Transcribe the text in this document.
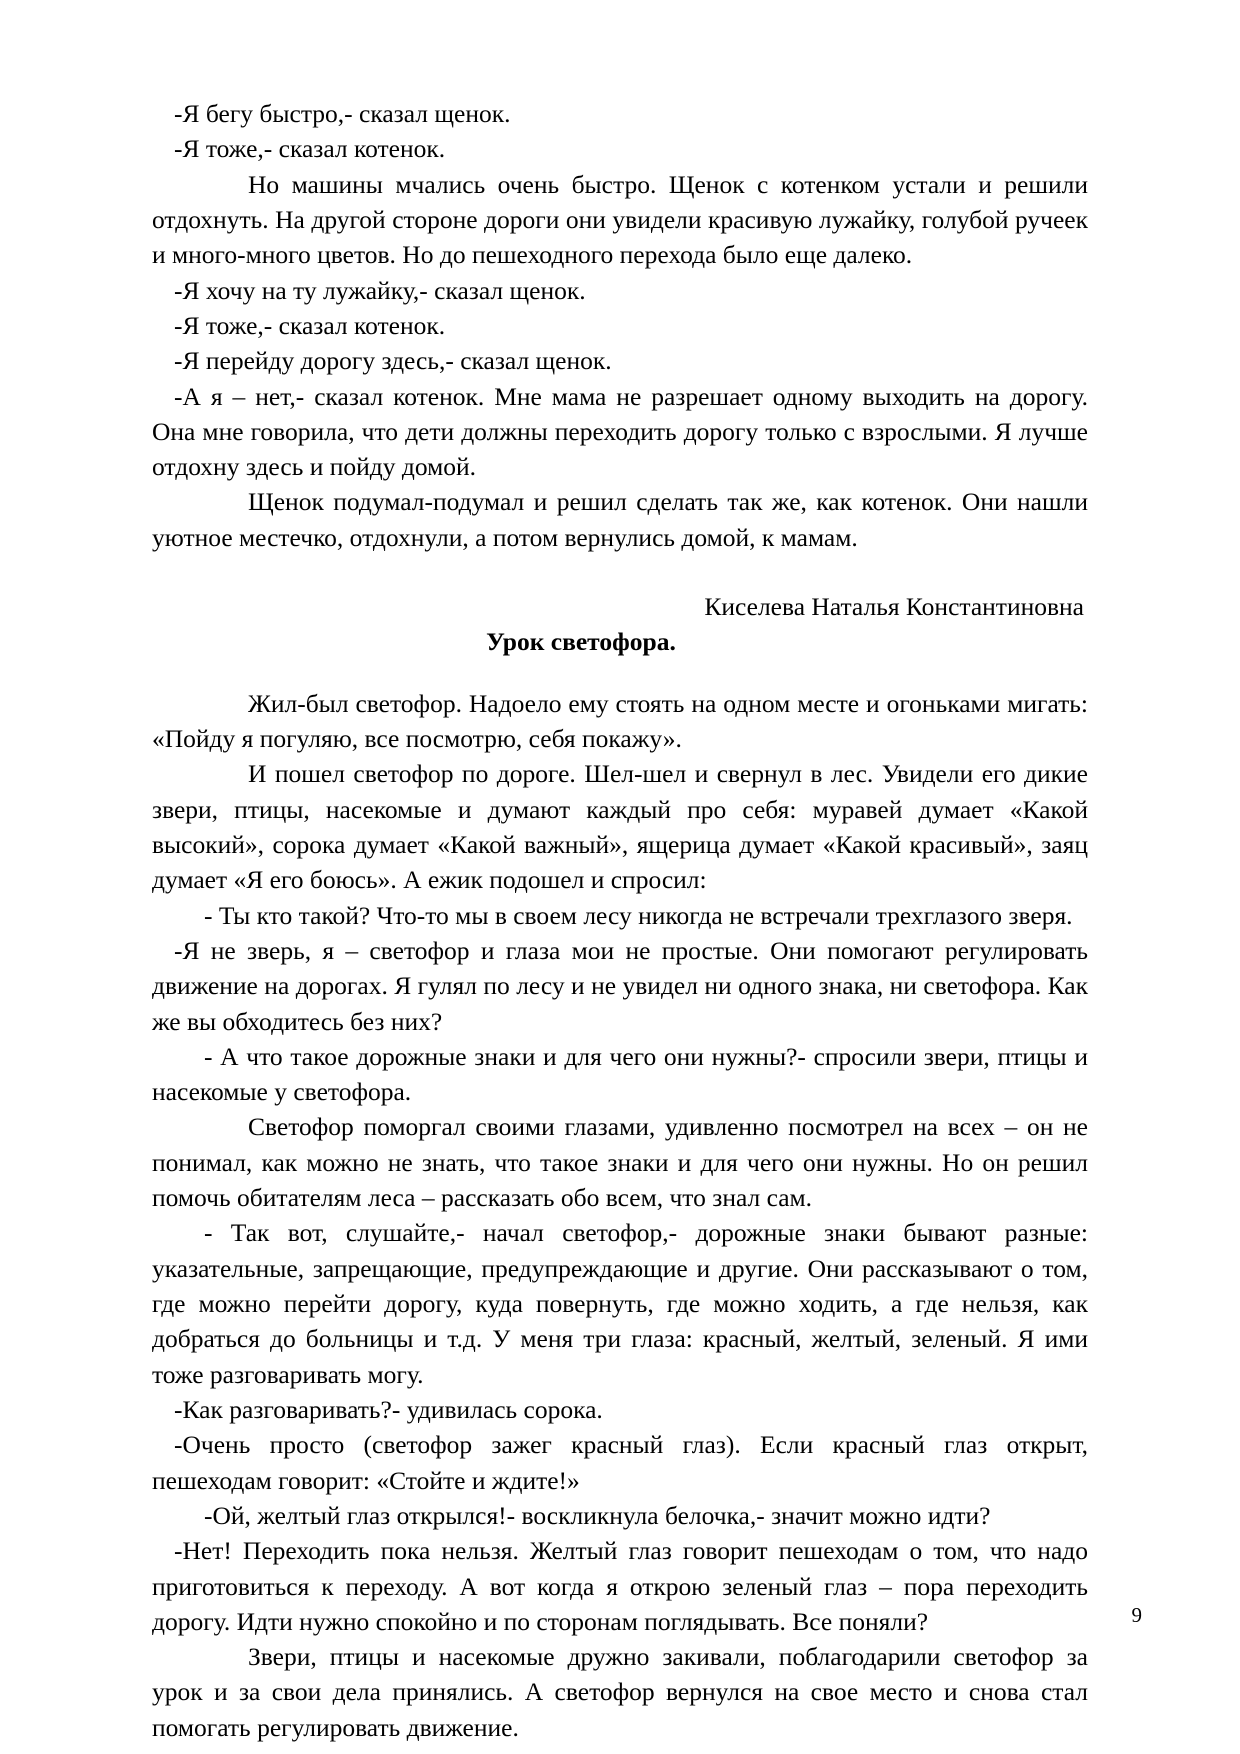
-Я бегу быстро,- сказал щенок.

-Я тоже,- сказал котенок.

Но машины мчались очень быстро. Щенок с котенком устали и решили отдохнуть. На другой стороне дороги они увидели красивую лужайку, голубой ручеек и много-много цветов. Но до пешеходного перехода было еще далеко.

-Я хочу на ту лужайку,- сказал щенок.

-Я тоже,- сказал котенок.

-Я перейду дорогу здесь,- сказал щенок.

-А я – нет,- сказал котенок. Мне мама не разрешает одному выходить на дорогу. Она мне говорила, что дети должны переходить дорогу только с взрослыми. Я лучше отдохну здесь и пойду домой.

Щенок подумал-подумал и решил сделать так же, как котенок. Они нашли уютное местечко, отдохнули, а потом вернулись домой, к мамам.

Киселева Наталья Константиновна

Урок светофора.

Жил-был светофор. Надоело ему стоять на одном месте и огоньками мигать: «Пойду я погуляю, все посмотрю, себя покажу».

И пошел светофор по дороге. Шел-шел и свернул в лес. Увидели его дикие звери, птицы, насекомые и думают каждый про себя: муравей думает «Какой высокий», сорока думает «Какой важный», ящерица думает «Какой красивый», заяц думает «Я его боюсь». А ежик подошел и спросил:

- Ты кто такой? Что-то мы в своем лесу никогда не встречали трехглазого зверя.

-Я не зверь, я – светофор и глаза мои не простые. Они помогают регулировать движение на дорогах. Я гулял по лесу и не увидел ни одного знака, ни светофора. Как же вы обходитесь без них?

- А что такое дорожные знаки и для чего они нужны?- спросили звери, птицы и насекомые у светофора.

Светофор поморгал своими глазами, удивленно посмотрел на всех – он не понимал, как можно не знать, что такое знаки и для чего они нужны. Но он решил помочь обитателям леса – рассказать обо всем, что знал сам.

- Так вот, слушайте,- начал светофор,- дорожные знаки бывают разные: указательные, запрещающие, предупреждающие и другие. Они рассказывают о том, где можно перейти дорогу, куда повернуть, где можно ходить, а где нельзя, как добраться до больницы и т.д. У меня три глаза: красный, желтый, зеленый. Я ими тоже разговаривать могу.

-Как разговаривать?- удивилась сорока.

-Очень просто (светофор зажег красный глаз). Если красный глаз открыт, пешеходам говорит: «Стойте и ждите!»

-Ой, желтый глаз открылся!- воскликнула белочка,- значит можно идти?

-Нет! Переходить пока нельзя. Желтый глаз говорит пешеходам о том, что надо приготовиться к переходу. А вот когда я открою зеленый глаз – пора переходить дорогу. Идти нужно спокойно и по сторонам поглядывать. Все поняли?

Звери, птицы и насекомые дружно закивали, поблагодарили светофор за урок и за свои дела принялись. А светофор вернулся на свое место и снова стал помогать регулировать движение.

9
